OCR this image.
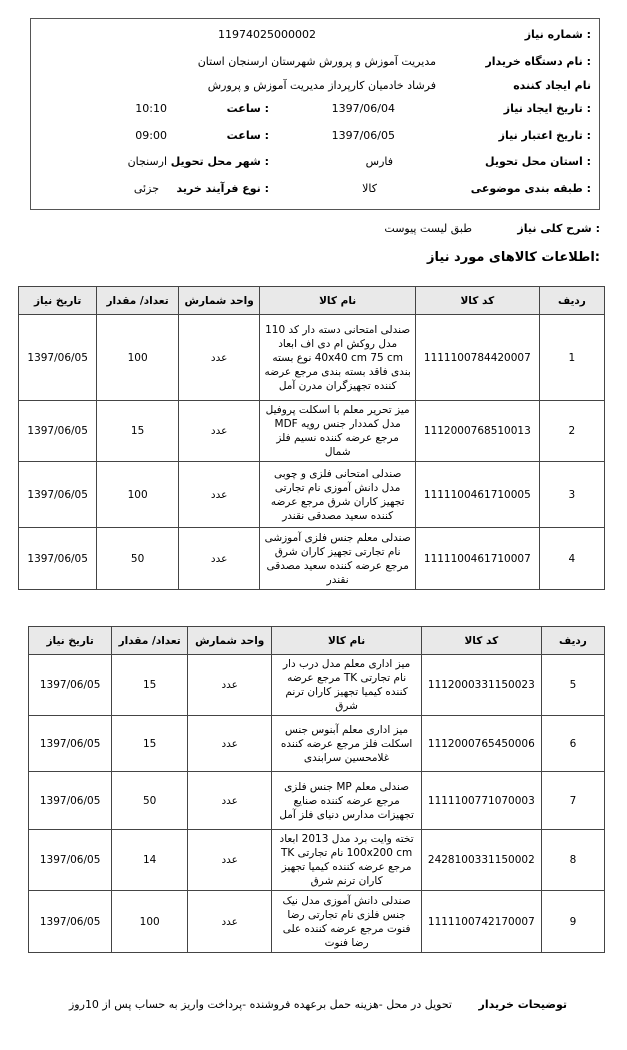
شماره نیاز :
11974025000002
نام دستگاه خریدار :
مدیریت آموزش و پرورش شهرستان ارسنجان استان
نام ایجاد کننده
فرشاد خادمیان کارپرداز مدیریت آموزش و پرورش
تاریخ ایجاد نیاز :
1397/06/04
ساعت :
10:10
تاریخ اعتبار نیاز :
1397/06/05
ساعت :
09:00
استان محل تحویل :
فارس
شهر محل تحویل :
ارسنجان
طبقه بندی موضوعی :
کالا
نوع فرآیند خرید :
جزئی
شرح کلی نیاز :
طبق لیست پیوست
اطلاعات کالاهای مورد نیاز:
ردیف	کد کالا	نام کالا	واحد شمارش	تعداد/ مقدار	تاریخ نیاز
1	1111100784420007	صندلی امتحانی دسته دار کد 110 مدل روکش ام دی اف ابعاد 40x40 cm 75 cm نوع بسته بندی فاقد بسته بندی مرجع عرضه کننده تجهیزگران مدرن آمل	عدد	100	1397/06/05
2	1112000768510013	میز تحریر معلم با اسکلت پروفیل مدل کمددار جنس رویه MDF مرجع عرضه کننده نسیم فلز شمال	عدد	15	1397/06/05
3	1111100461710005	صندلی امتحانی فلزی و چوبی مدل دانش آموزی نام تجارتی تجهیز کاران شرق مرجع عرضه کننده سعید مصدقی نقندر	عدد	100	1397/06/05
4	1111100461710007	صندلی معلم جنس فلزی آموزشی نام تجارتی تجهیز کاران شرق مرجع عرضه کننده سعید مصدقی نقندر	عدد	50	1397/06/05
ردیف	کد کالا	نام کالا	واحد شمارش	تعداد/ مقدار	تاریخ نیاز
5	1112000331150023	میز اداری معلم مدل درب دار نام تجارتی TK مرجع عرضه کننده کیمیا تجهیز کاران ترنم شرق	عدد	15	1397/06/05
6	1112000765450006	میز اداری معلم آبنوس جنس اسکلت فلز مرجع عرضه کننده غلامحسین سرابندی	عدد	15	1397/06/05
7	1111100771070003	صندلی معلم MP جنس فلزی مرجع عرضه کننده صنایع تجهیزات مدارس دنیای فلز آمل	عدد	50	1397/06/05
8	2428100331150002	تخته وایت برد مدل 2013 ابعاد 100x200 cm نام تجارتی TK مرجع عرضه کننده کیمیا تجهیز کاران ترنم شرق	عدد	14	1397/06/05
9	1111100742170007	صندلی دانش آموزی مدل نیک جنس فلزی نام تجارتی رضا فنوت مرجع عرضه کننده علی رضا فنوت	عدد	100	1397/06/05
توضیحات خریدار
تحویل در محل -هزینه حمل برعهده فروشنده -پرداخت واریز به حساب پس از 10روز
